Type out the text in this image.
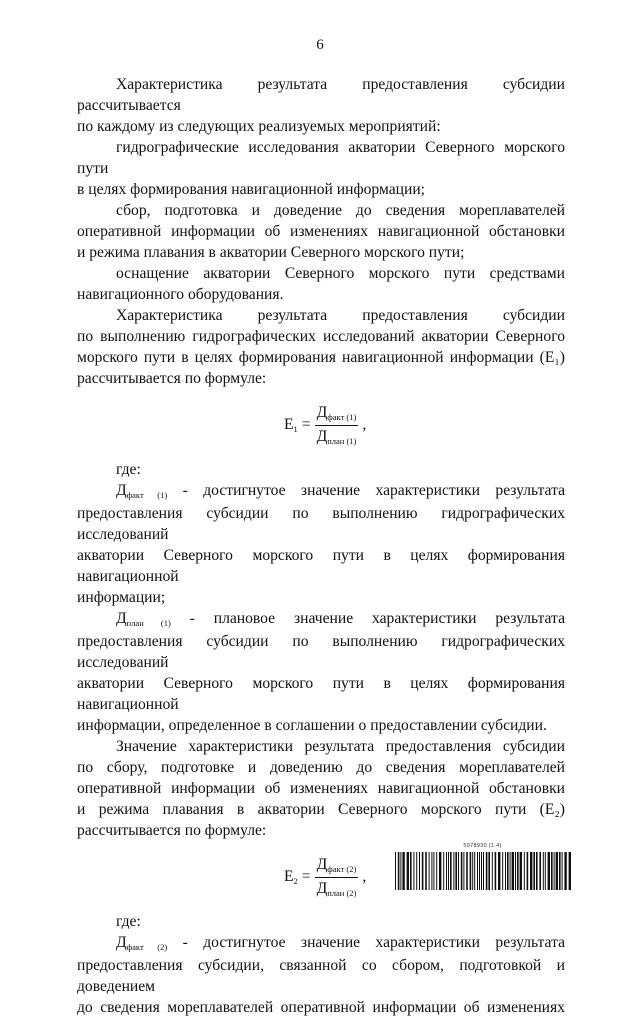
6

Характеристика результата предоставления субсидии рассчитывается

по каждому из следующих реализуемых мероприятий:

гидрографические исследования акватории Северного морского пути

в целях формирования навигационной информации;

сбор, подготовка и доведение до сведения мореплавателей

оперативной информации об изменениях навигационной обстановки

и режима плавания в акватории Северного морского пути;

оснащение акватории Северного морского пути средствами

навигационного оборудования.

Характеристика результата предоставления субсидии

по выполнению гидрографических исследований акватории Северного

морского пути в целях формирования навигационной информации (E₁)

рассчитывается по формуле:

$E1 = \frac{\text{Дфакт (1)}}{\text{Дплан (1)}}$ ,

где:

Дфакт (1) - достигнутое значение характеристики результата

предоставления субсидии по выполнению гидрографических исследований

акватории Северного морского пути в целях формирования навигационной

информации;

Дплан (1) - плановое значение характеристики результата

предоставления субсидии по выполнению гидрографических исследований

акватории Северного морского пути в целях формирования навигационной

информации, определенное в соглашении о предоставлении субсидии.

Значение характеристики результата предоставления субсидии

по сбору, подготовке и доведению до сведения мореплавателей

оперативной информации об изменениях навигационной обстановки

и режима плавания в акватории Северного морского пути (E₂)

рассчитывается по формуле:

$E2 = \frac{\text{Дфакт (2)}}{\text{Дплан (2)}}$ ,

где:

Дфакт (2) - достигнутое значение характеристики результата

предоставления субсидии, связанной со сбором, подготовкой и доведением

до сведения мореплавателей оперативной информации об изменениях

5978930 (1.4)
